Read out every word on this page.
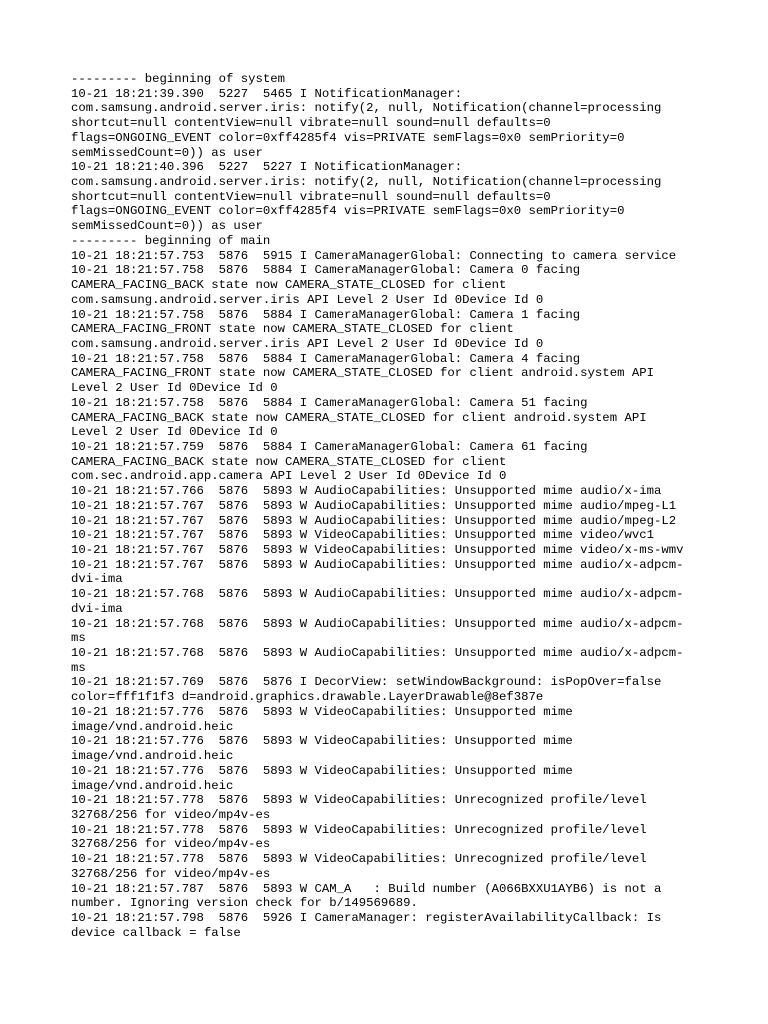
--------- beginning of system
10-21 18:21:39.390  5227  5465 I NotificationManager:
com.samsung.android.server.iris: notify(2, null, Notification(channel=processing
shortcut=null contentView=null vibrate=null sound=null defaults=0
flags=ONGOING_EVENT color=0xff4285f4 vis=PRIVATE semFlags=0x0 semPriority=0
semMissedCount=0)) as user
10-21 18:21:40.396  5227  5227 I NotificationManager:
com.samsung.android.server.iris: notify(2, null, Notification(channel=processing
shortcut=null contentView=null vibrate=null sound=null defaults=0
flags=ONGOING_EVENT color=0xff4285f4 vis=PRIVATE semFlags=0x0 semPriority=0
semMissedCount=0)) as user
--------- beginning of main
10-21 18:21:57.753  5876  5915 I CameraManagerGlobal: Connecting to camera service
10-21 18:21:57.758  5876  5884 I CameraManagerGlobal: Camera 0 facing
CAMERA_FACING_BACK state now CAMERA_STATE_CLOSED for client
com.samsung.android.server.iris API Level 2 User Id 0Device Id 0
10-21 18:21:57.758  5876  5884 I CameraManagerGlobal: Camera 1 facing
CAMERA_FACING_FRONT state now CAMERA_STATE_CLOSED for client
com.samsung.android.server.iris API Level 2 User Id 0Device Id 0
10-21 18:21:57.758  5876  5884 I CameraManagerGlobal: Camera 4 facing
CAMERA_FACING_FRONT state now CAMERA_STATE_CLOSED for client android.system API
Level 2 User Id 0Device Id 0
10-21 18:21:57.758  5876  5884 I CameraManagerGlobal: Camera 51 facing
CAMERA_FACING_BACK state now CAMERA_STATE_CLOSED for client android.system API
Level 2 User Id 0Device Id 0
10-21 18:21:57.759  5876  5884 I CameraManagerGlobal: Camera 61 facing
CAMERA_FACING_BACK state now CAMERA_STATE_CLOSED for client
com.sec.android.app.camera API Level 2 User Id 0Device Id 0
10-21 18:21:57.766  5876  5893 W AudioCapabilities: Unsupported mime audio/x-ima
10-21 18:21:57.767  5876  5893 W AudioCapabilities: Unsupported mime audio/mpeg-L1
10-21 18:21:57.767  5876  5893 W AudioCapabilities: Unsupported mime audio/mpeg-L2
10-21 18:21:57.767  5876  5893 W VideoCapabilities: Unsupported mime video/wvc1
10-21 18:21:57.767  5876  5893 W VideoCapabilities: Unsupported mime video/x-ms-wmv
10-21 18:21:57.767  5876  5893 W AudioCapabilities: Unsupported mime audio/x-adpcm-
dvi-ima
10-21 18:21:57.768  5876  5893 W AudioCapabilities: Unsupported mime audio/x-adpcm-
dvi-ima
10-21 18:21:57.768  5876  5893 W AudioCapabilities: Unsupported mime audio/x-adpcm-
ms
10-21 18:21:57.768  5876  5893 W AudioCapabilities: Unsupported mime audio/x-adpcm-
ms
10-21 18:21:57.769  5876  5876 I DecorView: setWindowBackground: isPopOver=false
color=fff1f1f3 d=android.graphics.drawable.LayerDrawable@8ef387e
10-21 18:21:57.776  5876  5893 W VideoCapabilities: Unsupported mime
image/vnd.android.heic
10-21 18:21:57.776  5876  5893 W VideoCapabilities: Unsupported mime
image/vnd.android.heic
10-21 18:21:57.776  5876  5893 W VideoCapabilities: Unsupported mime
image/vnd.android.heic
10-21 18:21:57.778  5876  5893 W VideoCapabilities: Unrecognized profile/level
32768/256 for video/mp4v-es
10-21 18:21:57.778  5876  5893 W VideoCapabilities: Unrecognized profile/level
32768/256 for video/mp4v-es
10-21 18:21:57.778  5876  5893 W VideoCapabilities: Unrecognized profile/level
32768/256 for video/mp4v-es
10-21 18:21:57.787  5876  5893 W CAM_A   : Build number (A066BXXU1AYB6) is not a
number. Ignoring version check for b/149569689.
10-21 18:21:57.798  5876  5926 I CameraManager: registerAvailabilityCallback: Is
device callback = false
